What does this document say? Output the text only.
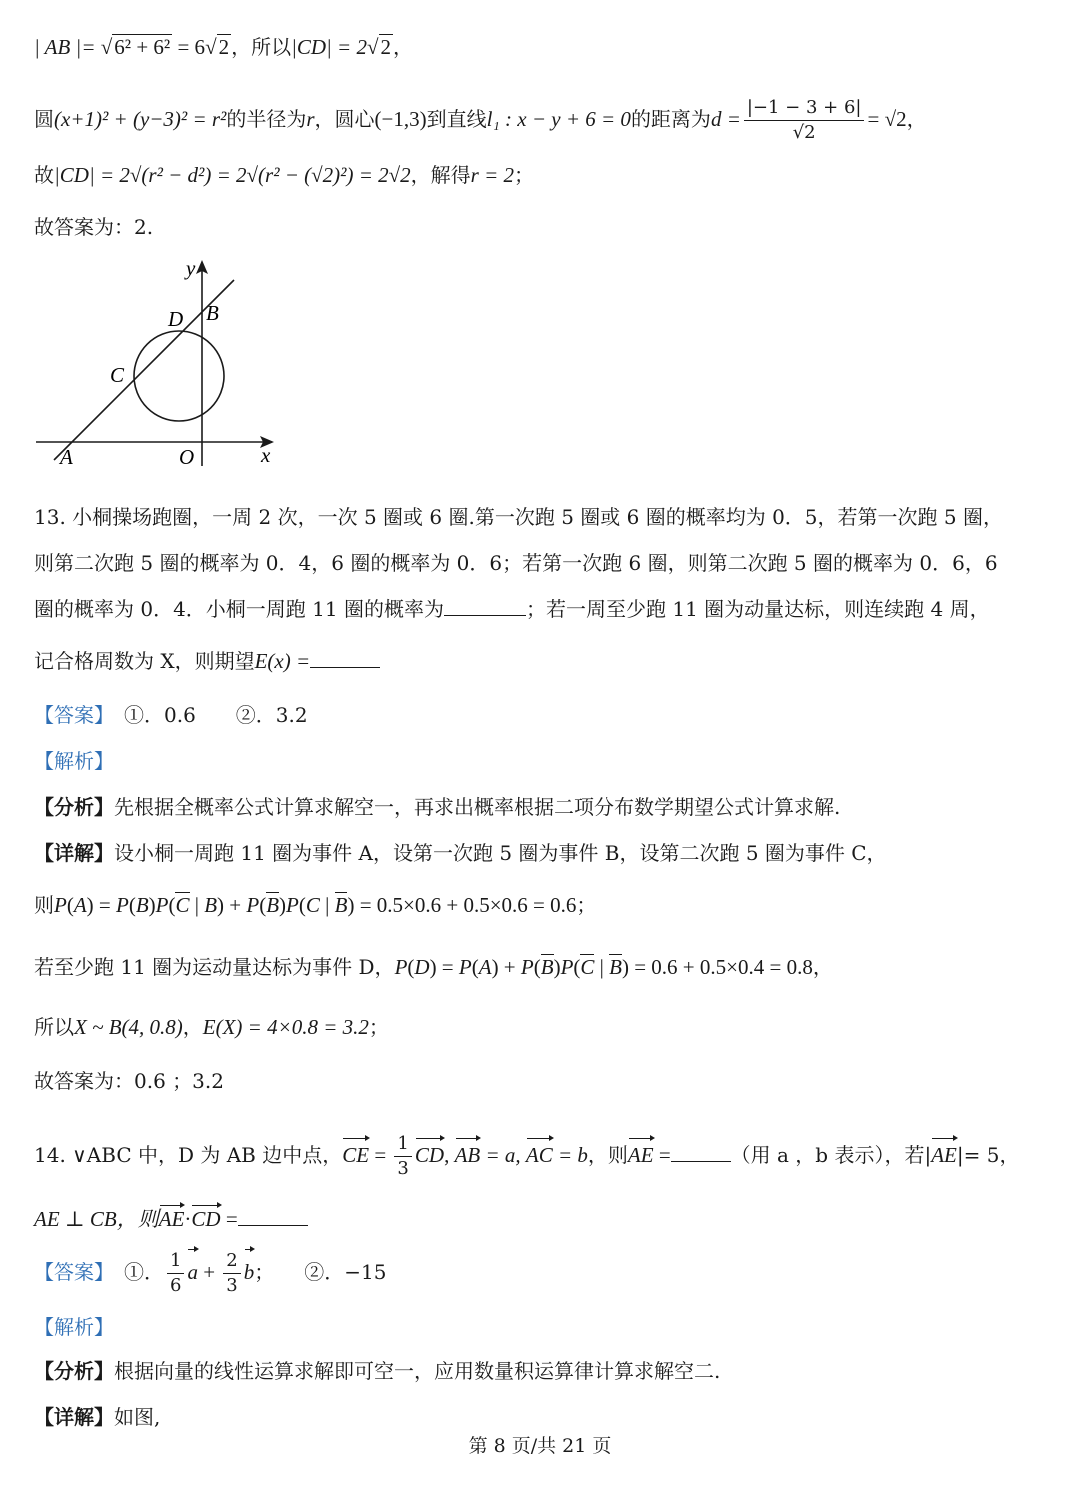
| AB |= √6² + 6² = 6√2 ，所以|CD| = 2√2 ，
圆(x+1)² + (y−3)² = r²的半径为r，圆心(−1,3)到直线l₁ : x − y + 6 = 0的距离为$d = \frac{|-1 - 3 + 6|}{√2} = √2$，
故|CD| = 2√(r² − d²) = 2√(r² − (√2)²) = 2√2，解得r = 2；
故答案为：2.
y
x
D B
C
A	O
13. 小桐操场跑圈，一周 2 次，一次 5 圈或 6 圈.第一次跑 5 圈或 6 圈的概率均为 0．5，若第一次跑 5 圈，
则第二次跑 5 圈的概率为 0．4，6 圈的概率为 0．6；若第一次跑 6 圈，则第二次跑 5 圈的概率为 0．6，6
圈的概率为 0．4．小桐一周跑 11 圈的概率为	；若一周至少跑 11 圈为动量达标，则连续跑 4 周，
记合格周数为 X，则期望E(x) =
【答案】　 ①．0.6　　②．3.2
【解析】
【分析】先根据全概率公式计算求解空一，再求出概率根据二项分布数学期望公式计算求解.
【详解】设小桐一周跑 11 圈为事件 A，设第一次跑 5 圈为事件 B，设第二次跑 5 圈为事件 C，
则P(A) = P(B)P(C | B) + P(B)P(C | B) = 0.5×0.6 + 0.5×0.6 = 0.6；
若至少跑 11 圈为运动量达标为事件 D，P(D) = P(A) + P(B)P(C | B) = 0.6 + 0.5×0.4 = 0.8，
所以X ~ B(4, 0.8)，E(X) = 4×0.8 = 3.2；
故答案为：0.6 ；3.2
14. ∨ABC 中，D 为 AB 边中点，CE = $\frac{1}{3}$ CD, AB = a, AC = b，则AE =	（用 a ，b 表示），若|AE|= 5，
AE ⊥ CB，则AE·CD =
【答案】　 ①． $\frac{1}{6}$ $a + \frac{2}{3}$ b；　　 ②．−15
【解析】
【分析】根据向量的线性运算求解即可空一，应用数量积运算律计算求解空二.
【详解】如图,
第 8 页/共 21 页
